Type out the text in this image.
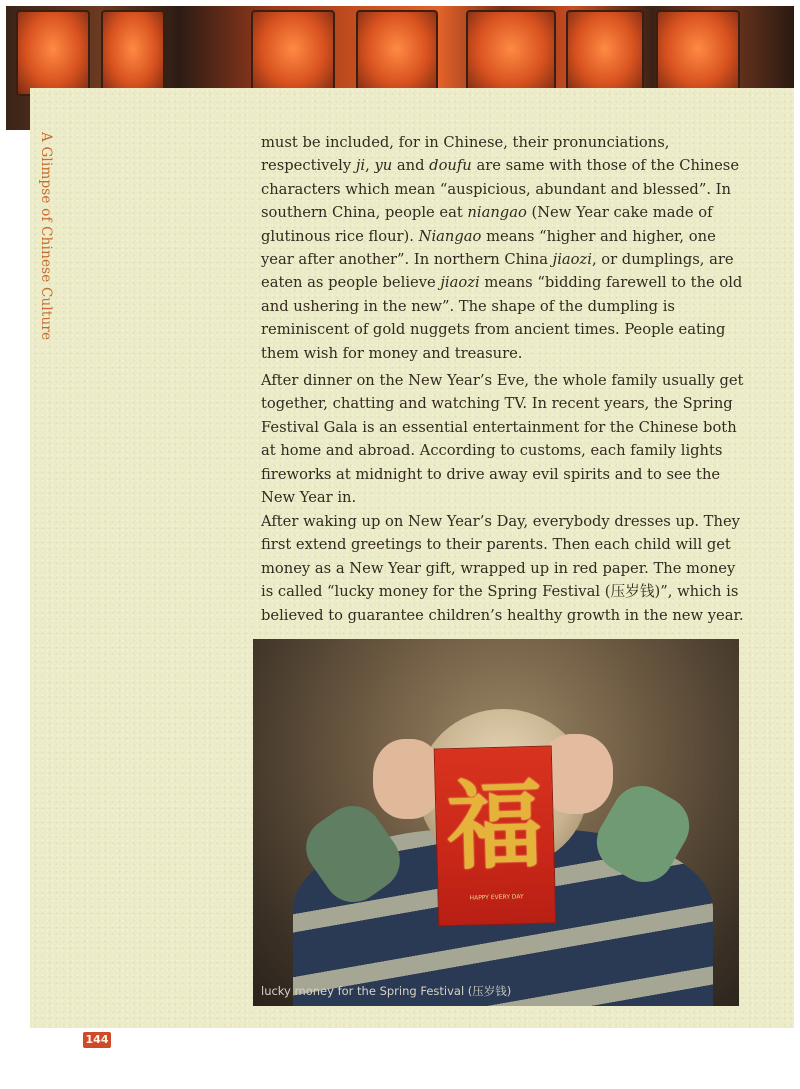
A Glimpse of Chinese Culture	must be included, for in Chinese, their pronunciations, respectively ji, yu and doufu are same with those of the Chinese characters which mean “auspicious, abundant and blessed”. In southern China, people eat niangao (New Year cake made of glutinous rice flour). Niangao means “higher and higher, one year after another”. In northern China jiaozi, or dumplings, are eaten as people believe jiaozi means “bidding farewell to the old and ushering in the new”. The shape of the dumpling is reminiscent of gold nuggets from ancient times. People eating them wish for money and treasure.

After dinner on the New Year’s Eve, the whole family usually get together, chatting and watching TV. In recent years, the Spring Festival Gala is an essential entertainment for the Chinese both at home and abroad. According to customs, each family lights fireworks at midnight to drive away evil spirits and to see the New Year in.

After waking up on New Year’s Day, everybody dresses up. They first extend greetings to their parents. Then each child will get money as a New Year gift, wrapped up in red paper. The money is called “lucky money for the Spring Festival (压岁钱)”, which is believed to guarantee children’s healthy growth in the new year.

福
HAPPY EVERY DAY
lucky money for the Spring Festival (压岁钱)
144
